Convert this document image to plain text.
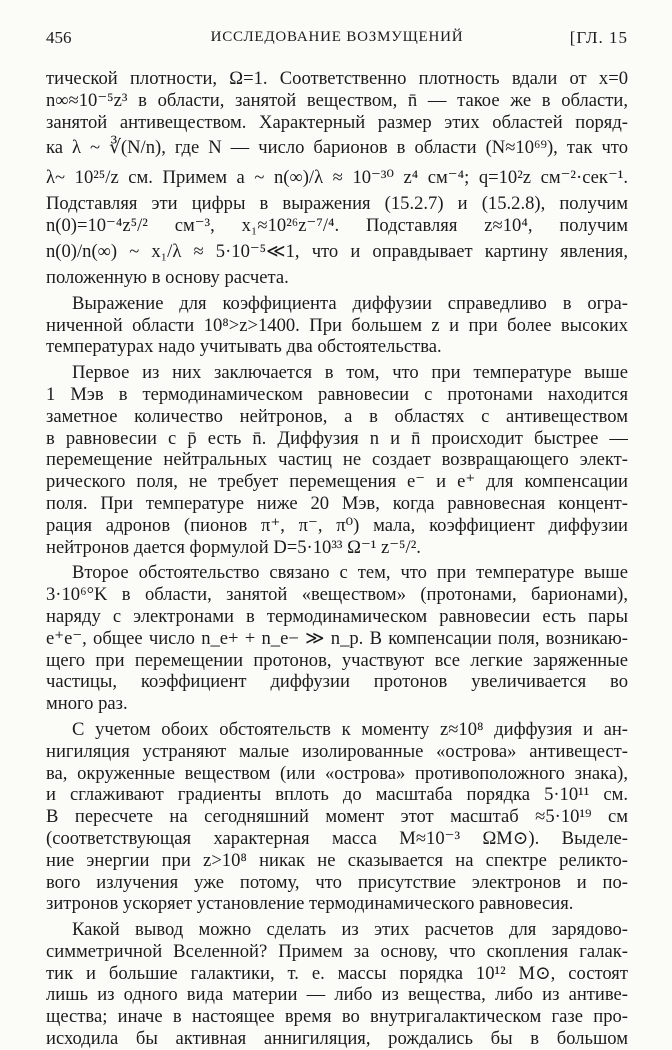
456	ИССЛЕДОВАНИЕ ВОЗМУЩЕНИЙ	[ГЛ. 15
тической плотности, Ω=1. Соответственно плотность вдали от x=0
n∞≈10⁻⁵z³ в области, занятой веществом, n̄ — такое же в области,
занятой антивеществом. Характерный размер этих областей поряд-
ка λ ~ ∛(N/n), где N — число барионов в области (N≈10⁶⁹), так что
λ~ 10²⁵/z см. Примем a ~ n(∞)/λ ≈ 10⁻³⁰ z⁴ см⁻⁴; q=10²z см⁻²·сек⁻¹.
Подставляя эти цифры в выражения (15.2.7) и (15.2.8), получим
n(0)=10⁻⁴z⁵/² см⁻³, x₁≈10²⁶z⁻⁷/⁴. Подставляя z≈10⁴, получим
n(0)/n(∞) ~ x₁/λ ≈ 5·10⁻⁵≪1, что и оправдывает картину явления,
положенную в основу расчета.
Выражение для коэффициента диффузии справедливо в огра-
ниченной области 10⁸>z>1400. При большем z и при более высоких
температурах надо учитывать два обстоятельства.
Первое из них заключается в том, что при температуре выше
1 Мэв в термодинамическом равновесии с протонами находится
заметное количество нейтронов, а в областях с антивеществом
в равновесии с p̄ есть n̄. Диффузия n и n̄ происходит быстрее —
перемещение нейтральных частиц не создает возвращающего элект-
рического поля, не требует перемещения e⁻ и e⁺ для компенсации
поля. При температуре ниже 20 Мэв, когда равновесная концент-
рация адронов (пионов π⁺, π⁻, π⁰) мала, коэффициент диффузии
нейтронов дается формулой D=5·10³³ Ω⁻¹ z⁻⁵/².
Второе обстоятельство связано с тем, что при температуре выше
3·10⁶°K в области, занятой «веществом» (протонами, барионами),
наряду с электронами в термодинамическом равновесии есть пары
e⁺e⁻, общее число n_e+ + n_e− ≫ n_p. В компенсации поля, возникаю-
щего при перемещении протонов, участвуют все легкие заряженные
частицы, коэффициент диффузии протонов увеличивается во
много раз.
С учетом обоих обстоятельств к моменту z≈10⁸ диффузия и ан-
нигиляция устраняют малые изолированные «острова» антивещест-
ва, окруженные веществом (или «острова» противоположного знака),
и сглаживают градиенты вплоть до масштаба порядка 5·10¹¹ см.
В пересчете на сегодняшний момент этот масштаб ≈5·10¹⁹ см
(соответствующая характерная масса M≈10⁻³ ΩM⊙). Выделе-
ние энергии при z>10⁸ никак не сказывается на спектре реликто-
вого излучения уже потому, что присутствие электронов и по-
зитронов ускоряет установление термодинамического равновесия.
Какой вывод можно сделать из этих расчетов для зарядово-
симметричной Вселенной? Примем за основу, что скопления галак-
тик и большие галактики, т. е. массы порядка 10¹² M⊙, состоят
лишь из одного вида материи — либо из вещества, либо из антиве-
щества; иначе в настоящее время во внутригалактическом газе про-
исходила бы активная аннигиляция, рождались бы в большом
